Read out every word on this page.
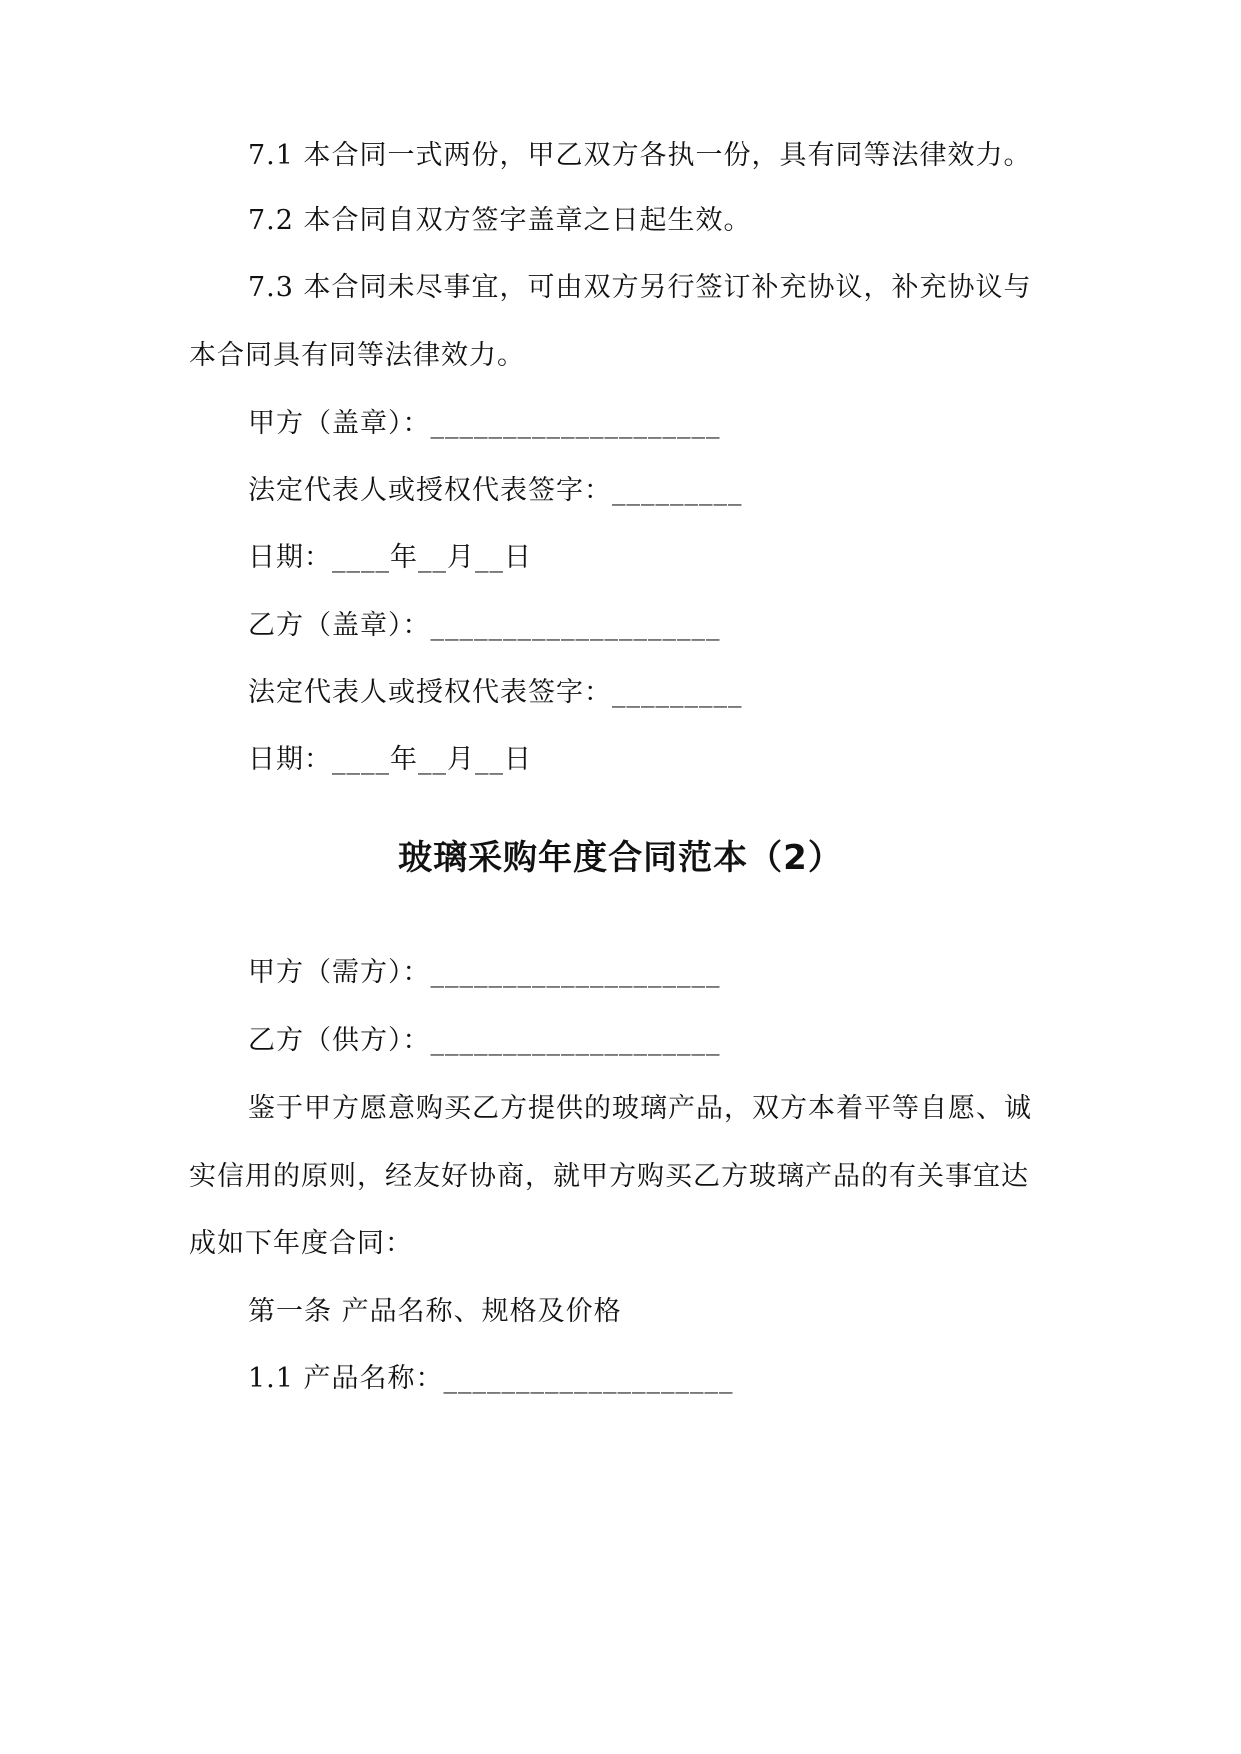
7.1 本合同一式两份，甲乙双方各执一份，具有同等法律效力。
7.2 本合同自双方签字盖章之日起生效。
7.3 本合同未尽事宜，可由双方另行签订补充协议，补充协议与
本合同具有同等法律效力。
甲方（盖章）：____________________
法定代表人或授权代表签字：_________
日期：____年__月__日
乙方（盖章）：____________________
法定代表人或授权代表签字：_________
日期：____年__月__日
玻璃采购年度合同范本（2）
甲方（需方）：____________________
乙方（供方）：____________________
鉴于甲方愿意购买乙方提供的玻璃产品，双方本着平等自愿、诚
实信用的原则，经友好协商，就甲方购买乙方玻璃产品的有关事宜达
成如下年度合同：
第一条 产品名称、规格及价格
1.1 产品名称：____________________
